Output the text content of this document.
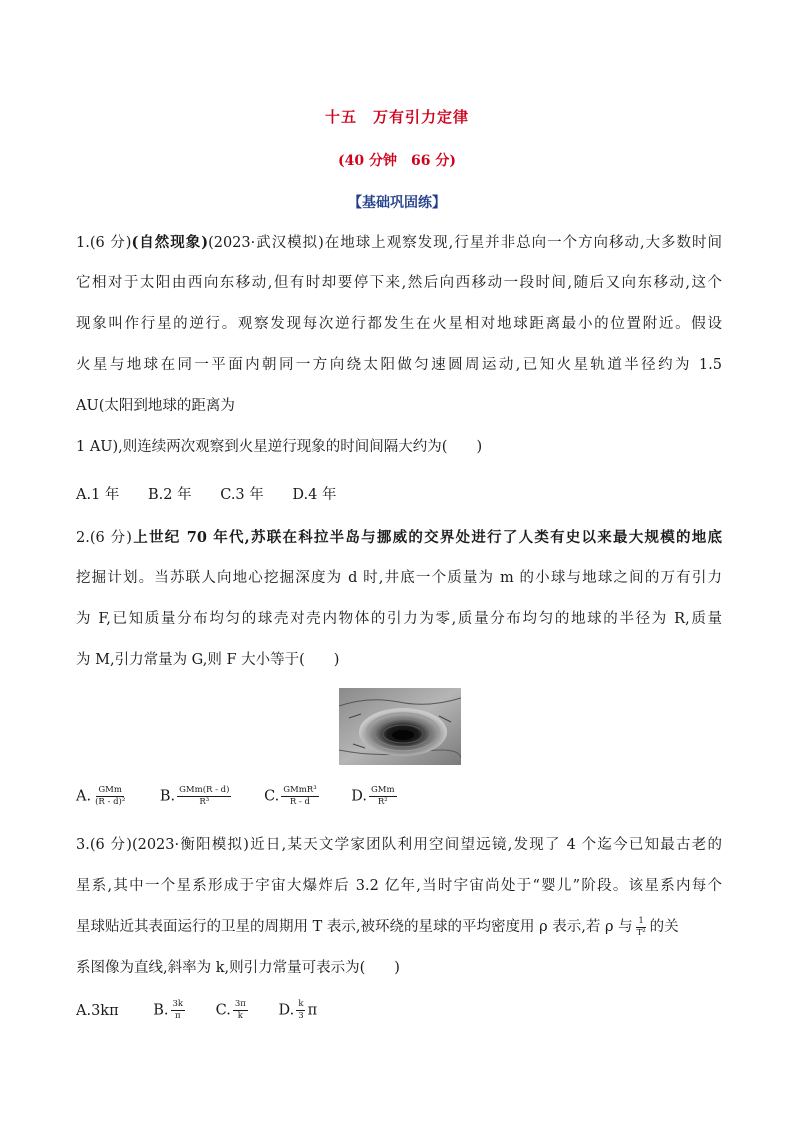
十五　万有引力定律
(40 分钟　66 分)
【基础巩固练】
1.(6 分)(自然现象)(2023·武汉模拟)在地球上观察发现,行星并非总向一个方向移动,大多数时间
它相对于太阳由西向东移动,但有时却要停下来,然后向西移动一段时间,随后又向东移动,这个
现象叫作行星的逆行。观察发现每次逆行都发生在火星相对地球距离最小的位置附近。假设
火星与地球在同一平面内朝同一方向绕太阳做匀速圆周运动,已知火星轨道半径约为 1.5
AU(太阳到地球的距离为
1 AU),则连续两次观察到火星逆行现象的时间间隔大约为(　　)
A.1 年 B.2 年 C.3 年 D.4 年
2.(6 分)上世纪 70 年代,苏联在科拉半岛与挪威的交界处进行了人类有史以来最大规模的地底
挖掘计划。当苏联人向地心挖掘深度为 d 时,井底一个质量为 m 的小球与地球之间的万有引力
为 F,已知质量分布均匀的球壳对壳内物体的引力为零,质量分布均匀的地球的半径为 R,质量
为 M,引力常量为 G,则 F 大小等于(　　)
A. $\frac{\text{GMm}}{\text{(R - d)²}} B$. $\frac{\text{GMm(R - d)}}{\text{R³}} C$. $\frac{\text{GMmR³}}{R - d} D$. $\frac{\text{GMm}}{\text{R²}}$
3.(6 分)(2023·衡阳模拟)近日,某天文学家团队利用空间望远镜,发现了 4 个迄今已知最古老的
星系,其中一个星系形成于宇宙大爆炸后 3.2 亿年,当时宇宙尚处于“婴儿”阶段。该星系内每个
星球贴近其表面运行的卫星的周期用 T 表示,被环绕的星球的平均密度用 ρ 表示,若 ρ 与 $\frac{1}{\text{T²}}$ 的关
系图像为直线,斜率为 k,则引力常量可表示为(　　)
A.3kπ B. $\frac{3k}{\pi} C$. $\frac{3\pi}{k} D$. $\frac{k}{3}$ π
